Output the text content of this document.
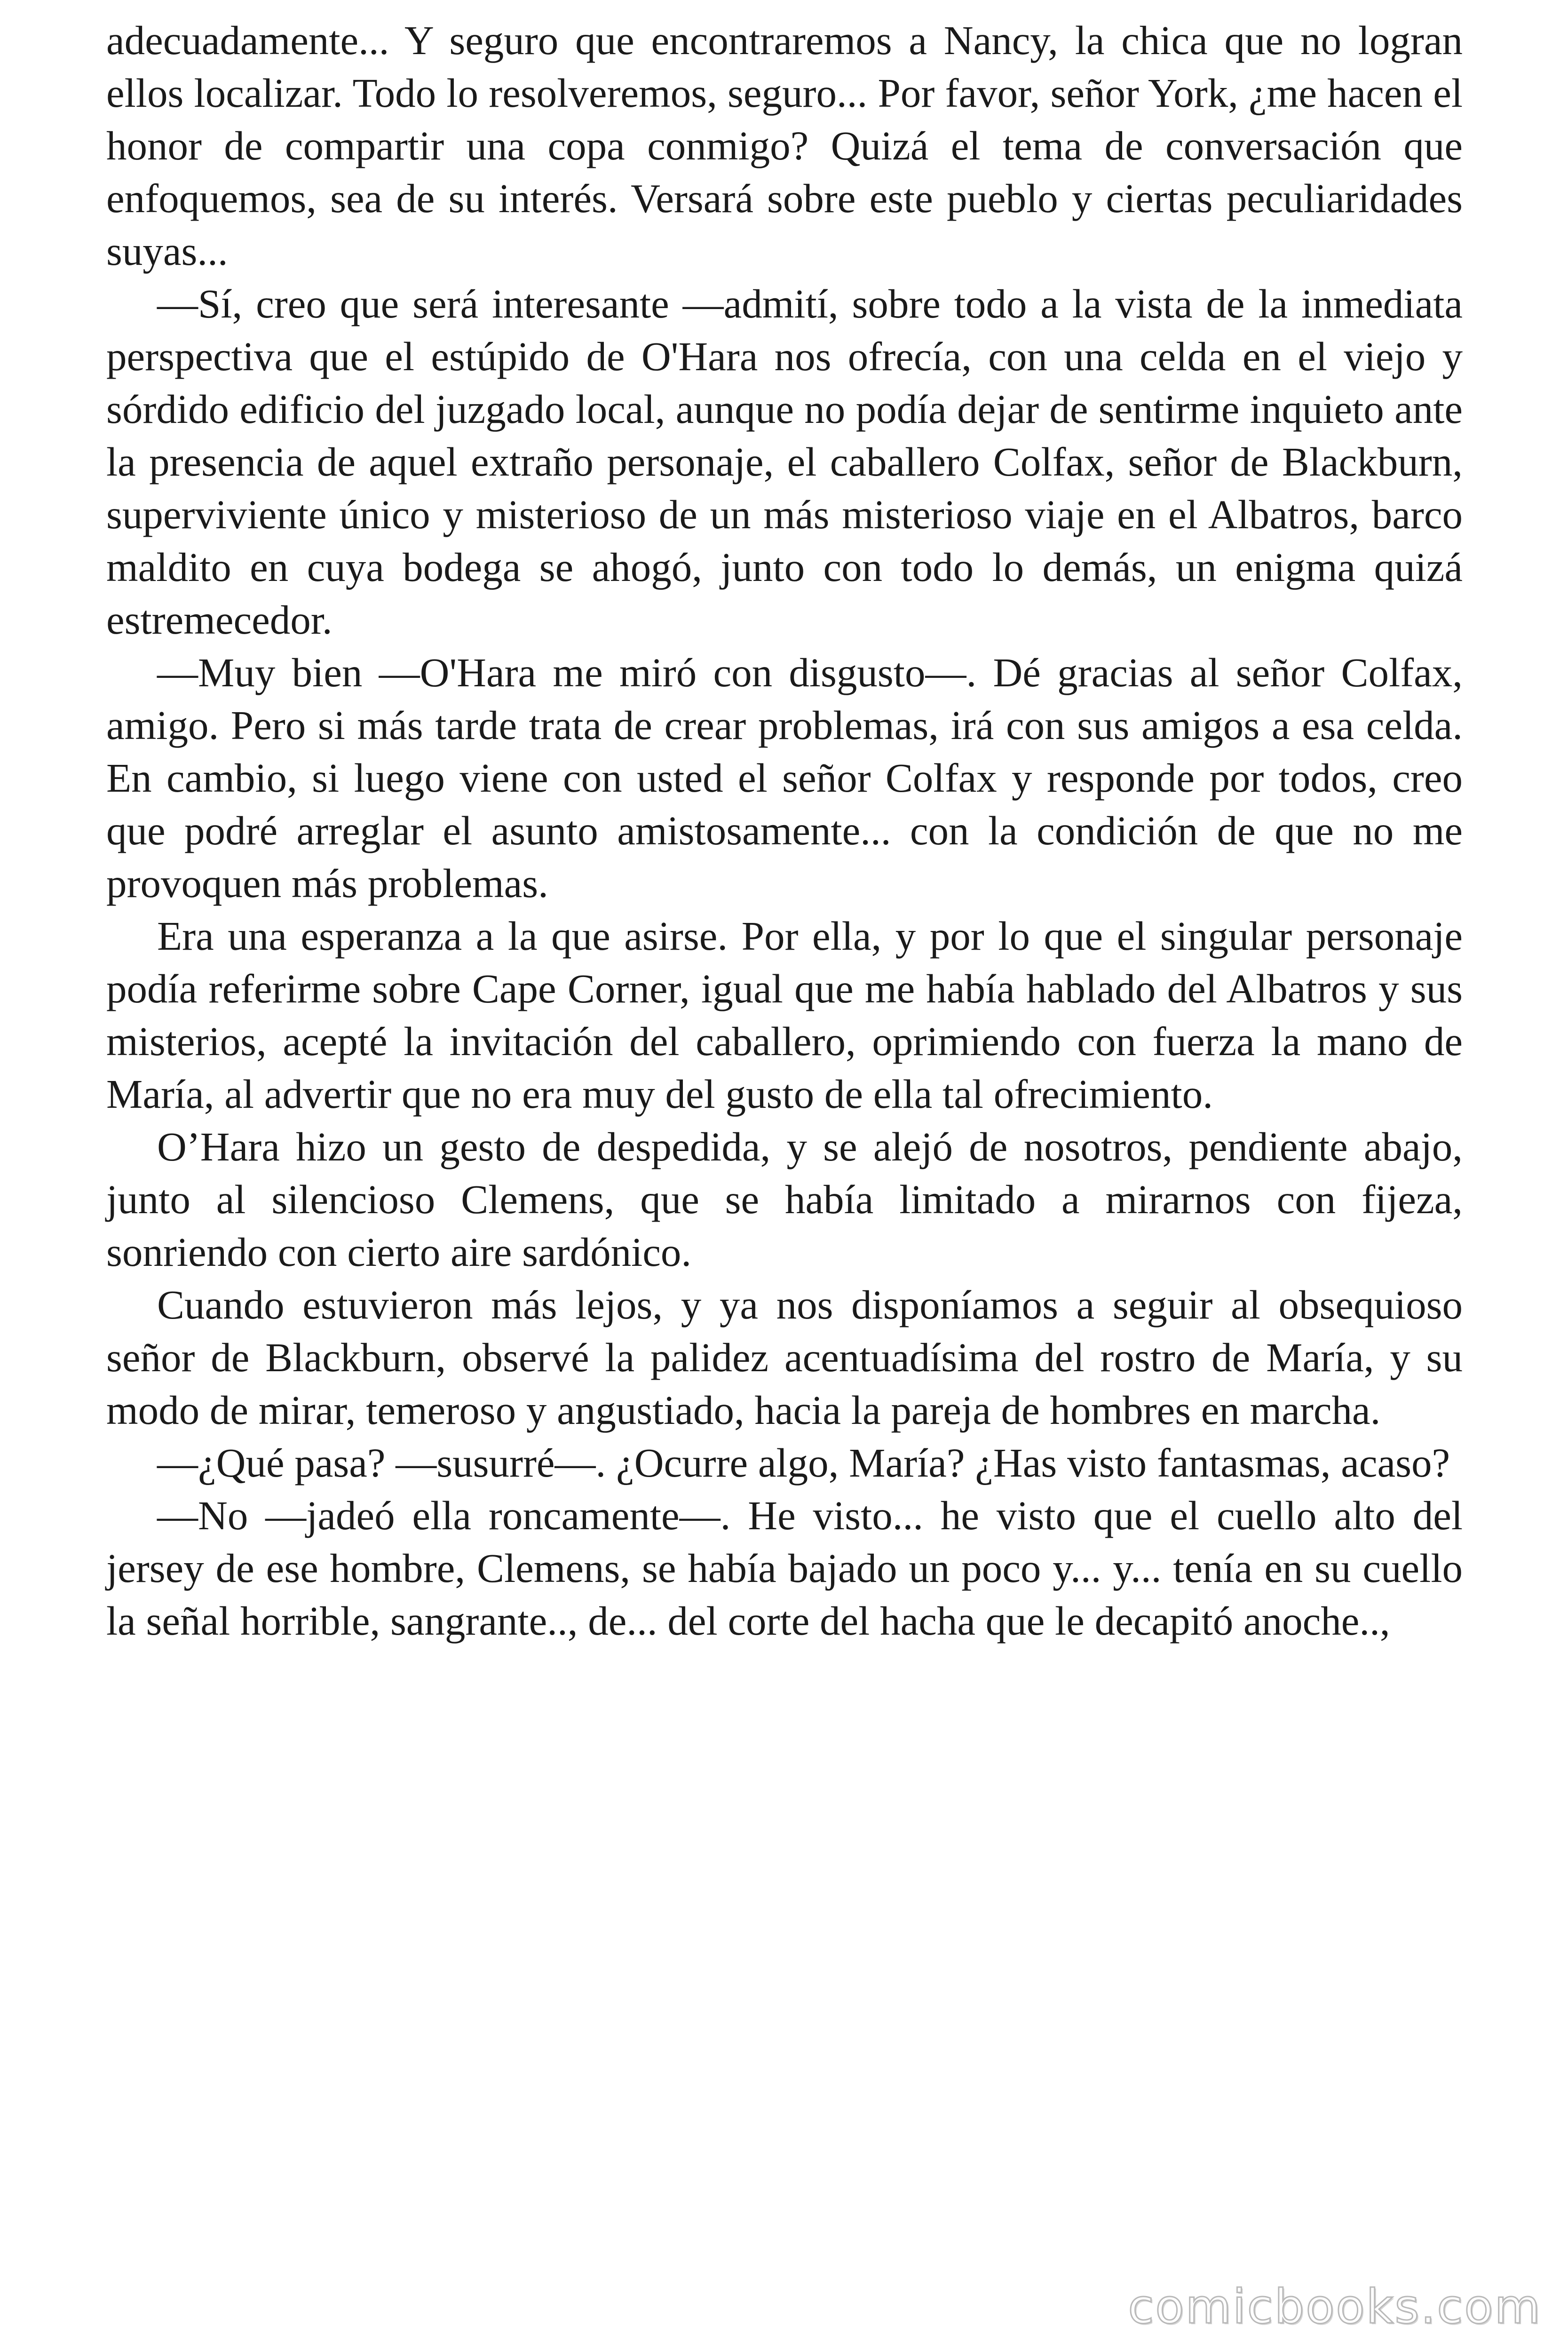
adecuadamente... Y seguro que encontraremos a Nancy, la chica que no logran ellos localizar. Todo lo resolveremos, seguro... Por favor, señor York, ¿me hacen el honor de compartir una copa conmigo? Quizá el tema de conversación que enfoquemos, sea de su interés. Versará sobre este pueblo y ciertas peculiaridades suyas...

—Sí, creo que será interesante —admití, sobre todo a la vista de la inmediata perspectiva que el estúpido de O'Hara nos ofrecía, con una celda en el viejo y sórdido edificio del juzgado local, aunque no podía dejar de sentirme inquieto ante la presencia de aquel extraño personaje, el caballero Colfax, señor de Blackburn, superviviente único y misterioso de un más misterioso viaje en el Albatros, barco maldito en cuya bodega se ahogó, junto con todo lo demás, un enigma quizá estremecedor.

—Muy bien —O'Hara me miró con disgusto—. Dé gracias al señor Colfax, amigo. Pero si más tarde trata de crear problemas, irá con sus amigos a esa celda. En cambio, si luego viene con usted el señor Colfax y responde por todos, creo que podré arreglar el asunto amistosamente... con la condición de que no me provoquen más problemas.

Era una esperanza a la que asirse. Por ella, y por lo que el singular personaje podía referirme sobre Cape Corner, igual que me había hablado del Albatros y sus misterios, acepté la invitación del caballero, oprimiendo con fuerza la mano de María, al advertir que no era muy del gusto de ella tal ofrecimiento.

O’Hara hizo un gesto de despedida, y se alejó de nosotros, pendiente abajo, junto al silencioso Clemens, que se había limitado a mirarnos con fijeza, sonriendo con cierto aire sardónico.

Cuando estuvieron más lejos, y ya nos disponíamos a seguir al obsequioso señor de Blackburn, observé la palidez acentuadísima del rostro de María, y su modo de mirar, temeroso y angustiado, hacia la pareja de hombres en marcha.

—¿Qué pasa? —susurré—. ¿Ocurre algo, María? ¿Has visto fantasmas, acaso?

—No —jadeó ella roncamente—. He visto... he visto que el cuello alto del jersey de ese hombre, Clemens, se había bajado un poco y... y... tenía en su cuello la señal horrible, sangrante.., de... del corte del hacha que le decapitó anoche..,

comicbooks.com
